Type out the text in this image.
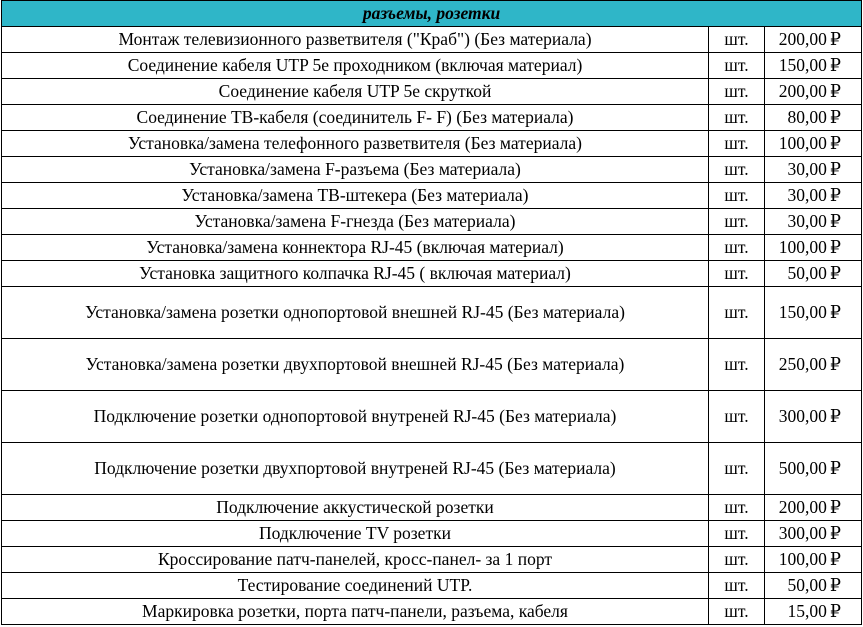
разъемы, розетки		
Монтаж телевизионного разветвителя ("Краб") (Без материала)	шт.	200,00 ₽
Соединение кабеля UTP 5е проходником (включая материал)	шт.	150,00 ₽
Соединение кабеля UTP 5е скруткой	шт.	200,00 ₽
Соединение ТВ-кабеля (соединитель F- F) (Без материала)	шт.	80,00 ₽
Установка/замена телефонного разветвителя (Без материала)	шт.	100,00 ₽
Установка/замена F-разъема (Без материала)	шт.	30,00 ₽
Установка/замена ТВ-штекера (Без материала)	шт.	30,00 ₽
Установка/замена F-гнезда (Без материала)	шт.	30,00 ₽
Установка/замена коннектора RJ-45 (включая материал)	шт.	100,00 ₽
Установка защитного колпачка RJ-45 ( включая материал)	шт.	50,00 ₽
Установка/замена розетки однопортовой внешней RJ-45 (Без материала)	шт.	150,00 ₽
Установка/замена розетки двухпортовой внешней RJ-45 (Без материала)	шт.	250,00 ₽
Подключение розетки однопортовой внутреней RJ-45 (Без материала)	шт.	300,00 ₽
Подключение розетки двухпортовой внутреней RJ-45 (Без материала)	шт.	500,00 ₽
Подключение аккустической розетки	шт.	200,00 ₽
Подключение TV розетки	шт.	300,00 ₽
Кроссирование патч-панелей, кросс-панел- за 1 порт	шт.	100,00 ₽
Тестирование соединений UTP.	шт.	50,00 ₽
Маркировка розетки, порта патч-панели, разъема, кабеля	шт.	15,00 ₽
